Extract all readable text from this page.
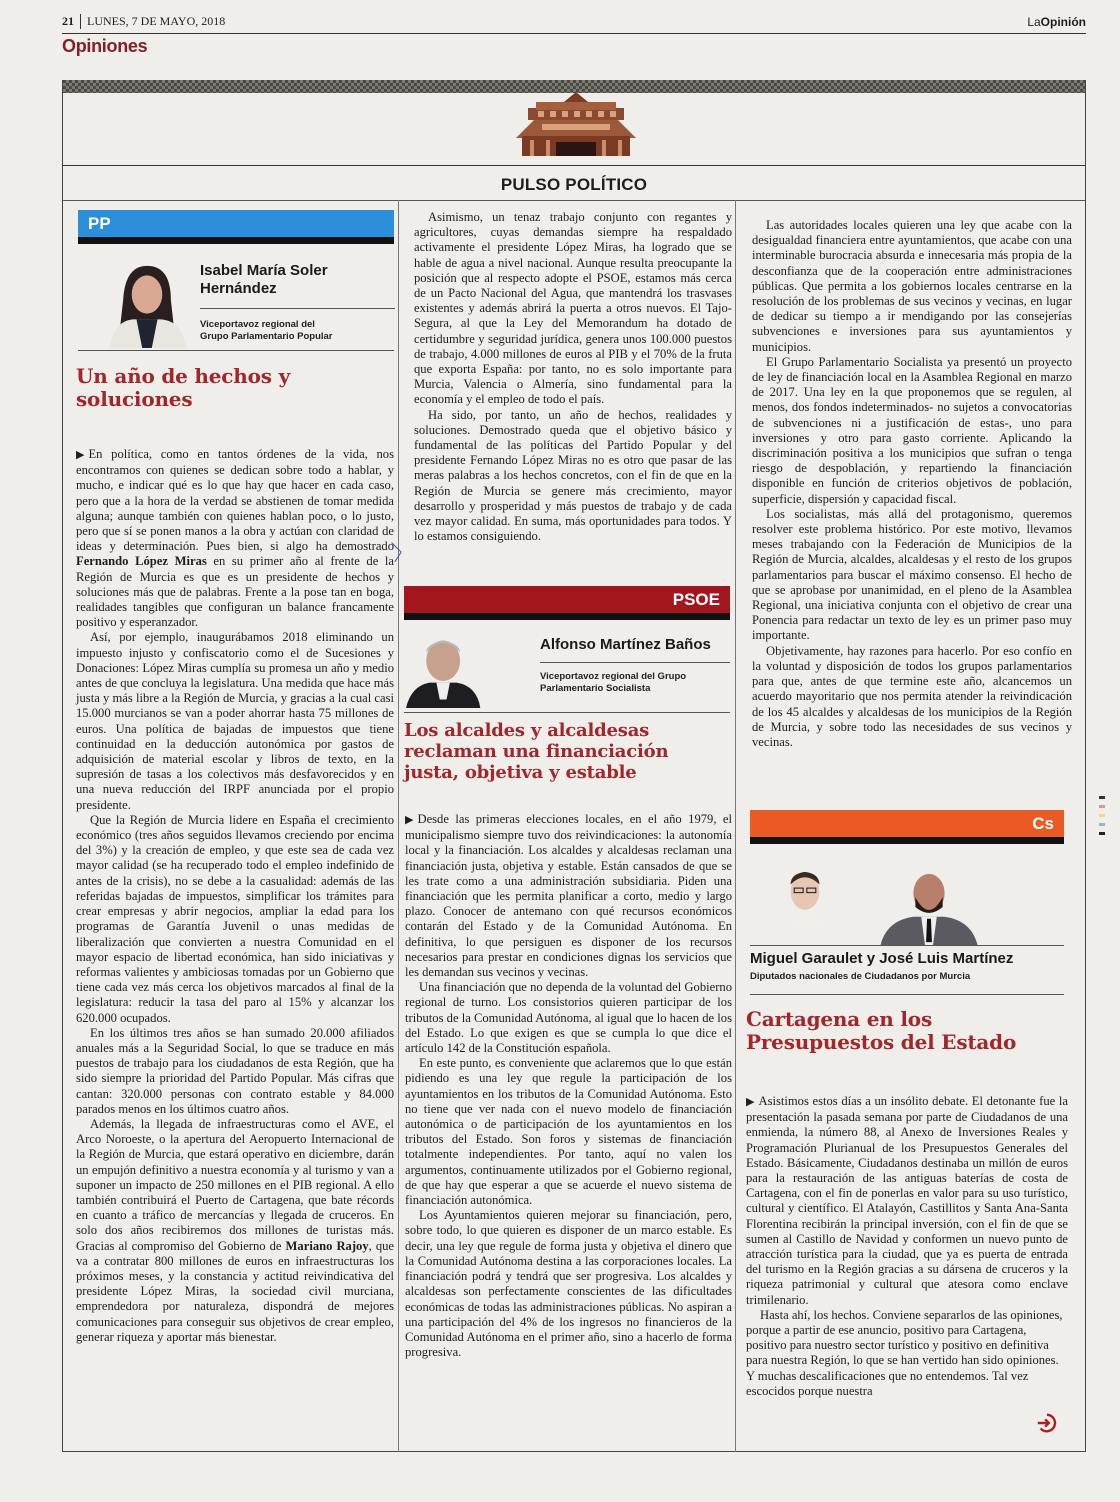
21	LUNES, 7 DE MAYO, 2018	LaOpinión
Opiniones
PULSO POLÍTICO
PP
Isabel María Soler Hernández
Viceportavoz regional del Grupo Parlamentario Popular
Un año de hechos y soluciones

▶ En política, como en tantos órdenes de la vida, nos encontramos con quienes se dedican sobre todo a hablar, y mucho, e indicar qué es lo que hay que hacer en cada caso, pero que a la hora de la verdad se abstienen de tomar medida alguna; aunque también con quienes hablan poco, o lo justo, pero que sí se ponen manos a la obra y actúan con claridad de ideas y determinación. Pues bien, si algo ha demostrado Fernando López Miras en su primer año al frente de la Región de Murcia es que es un presidente de hechos y soluciones más que de palabras. Frente a la pose tan en boga, realidades tangibles que configuran un balance francamente positivo y esperanzador.

Así, por ejemplo, inaugurábamos 2018 eliminando un impuesto injusto y confiscatorio como el de Sucesiones y Donaciones: López Miras cumplía su promesa un año y medio antes de que concluya la legislatura. Una medida que hace más justa y más libre a la Región de Murcia, y gracias a la cual casi 15.000 murcianos se van a poder ahorrar hasta 75 millones de euros. Una política de bajadas de impuestos que tiene continuidad en la deducción autonómica por gastos de adquisición de material escolar y libros de texto, en la supresión de tasas a los colectivos más desfavorecidos y en una nueva reducción del IRPF anunciada por el propio presidente.

Que la Región de Murcia lidere en España el crecimiento económico (tres años seguidos llevamos creciendo por encima del 3%) y la creación de empleo, y que este sea de cada vez mayor calidad (se ha recuperado todo el empleo indefinido de antes de la crisis), no se debe a la casualidad: además de las referidas bajadas de impuestos, simplificar los trámites para crear empresas y abrir negocios, ampliar la edad para los programas de Garantía Juvenil o unas medidas de liberalización que convierten a nuestra Comunidad en el mayor espacio de libertad económica, han sido iniciativas y reformas valientes y ambiciosas tomadas por un Gobierno que tiene cada vez más cerca los objetivos marcados al final de la legislatura: reducir la tasa del paro al 15% y alcanzar los 620.000 ocupados.

En los últimos tres años se han sumado 20.000 afiliados anuales más a la Seguridad Social, lo que se traduce en más puestos de trabajo para los ciudadanos de esta Región, que ha sido siempre la prioridad del Partido Popular. Más cifras que cantan: 320.000 personas con contrato estable y 84.000 parados menos en los últimos cuatro años.

Además, la llegada de infraestructuras como el AVE, el Arco Noroeste, o la apertura del Aeropuerto Internacional de la Región de Murcia, que estará operativo en diciembre, darán un empujón definitivo a nuestra economía y al turismo y van a suponer un impacto de 250 millones en el PIB regional. A ello también contribuirá el Puerto de Cartagena, que bate récords en cuanto a tráfico de mercancías y llegada de cruceros. En solo dos años recibiremos dos millones de turistas más. Gracias al compromiso del Gobierno de Mariano Rajoy, que va a contratar 800 millones de euros en infraestructuras los próximos meses, y la constancia y actitud reivindicativa del presidente López Miras, la sociedad civil murciana, emprendedora por naturaleza, dispondrá de mejores comunicaciones para conseguir sus objetivos de crear empleo, generar riqueza y aportar más bienestar.

Asimismo, un tenaz trabajo conjunto con regantes y agricultores, cuyas demandas siempre ha respaldado activamente el presidente López Miras, ha logrado que se hable de agua a nivel nacional. Aunque resulta preocupante la posición que al respecto adopte el PSOE, estamos más cerca de un Pacto Nacional del Agua, que mantendrá los trasvases existentes y además abrirá la puerta a otros nuevos. El Tajo-Segura, al que la Ley del Memorandum ha dotado de certidumbre y seguridad jurídica, genera unos 100.000 puestos de trabajo, 4.000 millones de euros al PIB y el 70% de la fruta que exporta España: por tanto, no es solo importante para Murcia, Valencia o Almería, sino fundamental para la economía y el empleo de todo el país.

Ha sido, por tanto, un año de hechos, realidades y soluciones. Demostrado queda que el objetivo básico y fundamental de las políticas del Partido Popular y del presidente Fernando López Miras no es otro que pasar de las meras palabras a los hechos concretos, con el fin de que en la Región de Murcia se genere más crecimiento, mayor desarrollo y prosperidad y más puestos de trabajo y de cada vez mayor calidad. En suma, más oportunidades para todos. Y lo estamos consiguiendo.

PSOE
Alfonso Martínez Baños
Viceportavoz regional del Grupo Parlamentario Socialista
Los alcaldes y alcaldesas reclaman una financiación justa, objetiva y estable

▶ Desde las primeras elecciones locales, en el año 1979, el municipalismo siempre tuvo dos reivindicaciones: la autonomía local y la financiación. Los alcaldes y alcaldesas reclaman una financiación justa, objetiva y estable. Están cansados de que se les trate como a una administración subsidiaria. Piden una financiación que les permita planificar a corto, medio y largo plazo. Conocer de antemano con qué recursos económicos contarán del Estado y de la Comunidad Autónoma. En definitiva, lo que persiguen es disponer de los recursos necesarios para prestar en condiciones dignas los servicios que les demandan sus vecinos y vecinas.

Una financiación que no dependa de la voluntad del Gobierno regional de turno. Los consistorios quieren participar de los tributos de la Comunidad Autónoma, al igual que lo hacen de los del Estado. Lo que exigen es que se cumpla lo que dice el artículo 142 de la Constitución española.

En este punto, es conveniente que aclaremos que lo que están pidiendo es una ley que regule la participación de los ayuntamientos en los tributos de la Comunidad Autónoma. Esto no tiene que ver nada con el nuevo modelo de financiación autonómica o de participación de los ayuntamientos en los tributos del Estado. Son foros y sistemas de financiación totalmente independientes. Por tanto, aquí no valen los argumentos, continuamente utilizados por el Gobierno regional, de que hay que esperar a que se acuerde el nuevo sistema de financiación autonómica.

Los Ayuntamientos quieren mejorar su financiación, pero, sobre todo, lo que quieren es disponer de un marco estable. Es decir, una ley que regule de forma justa y objetiva el dinero que la Comunidad Autónoma destina a las corporaciones locales. La financiación podrá y tendrá que ser progresiva. Los alcaldes y alcaldesas son perfectamente conscientes de las dificultades económicas de todas las administraciones públicas. No aspiran a una participación del 4% de los ingresos no financieros de la Comunidad Autónoma en el primer año, sino a hacerlo de forma progresiva.

Las autoridades locales quieren una ley que acabe con la desigualdad financiera entre ayuntamientos, que acabe con una interminable burocracia absurda e innecesaria más propia de la desconfianza que de la cooperación entre administraciones públicas. Que permita a los gobiernos locales centrarse en la resolución de los problemas de sus vecinos y vecinas, en lugar de dedicar su tiempo a ir mendigando por las consejerías subvenciones e inversiones para sus ayuntamientos y municipios.

El Grupo Parlamentario Socialista ya presentó un proyecto de ley de financiación local en la Asamblea Regional en marzo de 2017. Una ley en la que proponemos que se regulen, al menos, dos fondos indeterminados- no sujetos a convocatorias de subvenciones ni a justificación de estas-, uno para inversiones y otro para gasto corriente. Aplicando la discriminación positiva a los municipios que sufran o tenga riesgo de despoblación, y repartiendo la financiación disponible en función de criterios objetivos de población, superficie, dispersión y capacidad fiscal.

Los socialistas, más allá del protagonismo, queremos resolver este problema histórico. Por este motivo, llevamos meses trabajando con la Federación de Municipios de la Región de Murcia, alcaldes, alcaldesas y el resto de los grupos parlamentarios para buscar el máximo consenso. El hecho de que se aprobase por unanimidad, en el pleno de la Asamblea Regional, una iniciativa conjunta con el objetivo de crear una Ponencia para redactar un texto de ley es un primer paso muy importante.

Objetivamente, hay razones para hacerlo. Por eso confío en la voluntad y disposición de todos los grupos parlamentarios para que, antes de que termine este año, alcancemos un acuerdo mayoritario que nos permita atender la reivindicación de los 45 alcaldes y alcaldesas de los municipios de la Región de Murcia, y sobre todo las necesidades de sus vecinos y vecinas.

Cs
Miguel Garaulet y José Luis Martínez
Diputados nacionales de Ciudadanos por Murcia
Cartagena en los Presupuestos del Estado

▶ Asistimos estos días a un insólito debate. El detonante fue la presentación la pasada semana por parte de Ciudadanos de una enmienda, la número 88, al Anexo de Inversiones Reales y Programación Plurianual de los Presupuestos Generales del Estado. Básicamente, Ciudadanos destinaba un millón de euros para la restauración de las antiguas baterías de costa de Cartagena, con el fin de ponerlas en valor para su uso turístico, cultural y científico. El Atalayón, Castillitos y Santa Ana-Santa Florentina recibirán la principal inversión, con el fin de que se sumen al Castillo de Navidad y conformen un nuevo punto de atracción turística para la ciudad, que ya es puerta de entrada del turismo en la Región gracias a su dársena de cruceros y la riqueza patrimonial y cultural que atesora como enclave trimilenario.

Hasta ahí, los hechos. Conviene separarlos de las opiniones, porque a partir de ese anuncio, positivo para Cartagena, positivo para nuestro sector turístico y positivo en definitiva para nuestra Región, lo que se han vertido han sido opiniones. Y muchas descalificaciones que no entendemos. Tal vez escocidos porque nuestra
